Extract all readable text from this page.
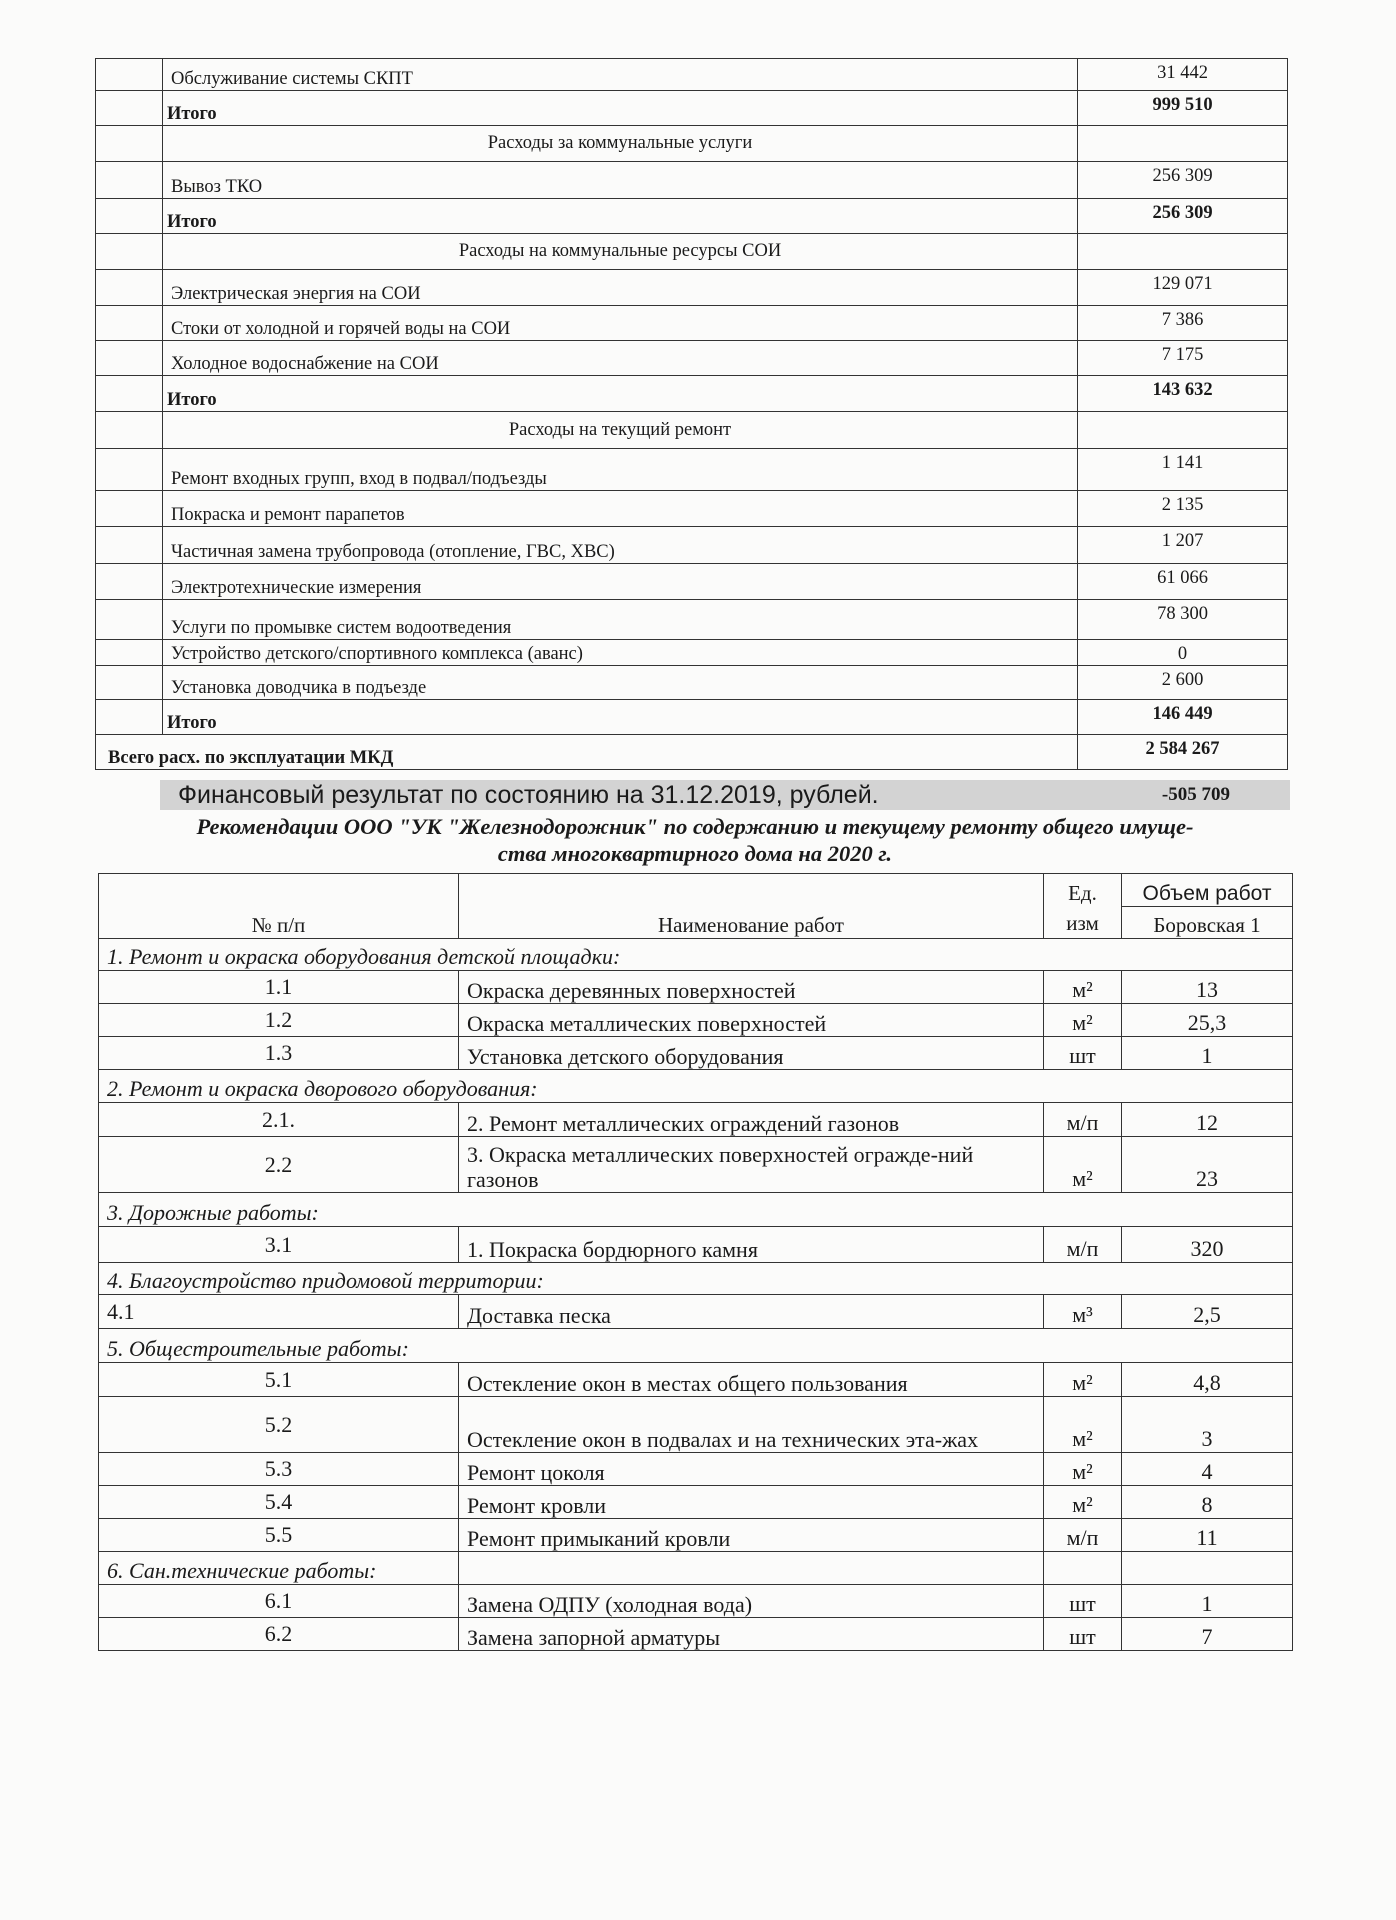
	Обслуживание системы СКПТ	31 442
	Итого	999 510
	Расходы за коммунальные услуги	
	Вывоз ТКО	256 309
	Итого	256 309
	Расходы на коммунальные ресурсы СОИ	
	Электрическая энергия на СОИ	129 071
	Стоки от холодной и горячей воды на СОИ	7 386
	Холодное водоснабжение на СОИ	7 175
	Итого	143 632
	Расходы на текущий ремонт	
	Ремонт входных групп, вход в подвал/подъезды	1 141
	Покраска и ремонт парапетов	2 135
	Частичная замена трубопровода (отопление, ГВС, ХВС)	1 207
	Электротехнические измерения	61 066
	Услуги по промывке систем водоотведения	78 300
	Устройство детского/спортивного комплекса (аванс)	0
	Установка доводчика в подъезде	2 600
	Итого	146 449
Всего расх. по эксплуатации МКД		2 584 267
Финансовый результат по состоянию на 31.12.2019, рублей.	-505 709
Рекомендации ООО "УК "Железнодорожник" по содержанию и текущему ремонту общего имуще-
ства многоквартирного дома на 2020 г.
№ п/п	Наименование работ	Ед. изм	Объем работ
			Боровская 1
1. Ремонт и окраска оборудования детской площадки:			
1.1	Окраска деревянных поверхностей	м²	13
1.2	Окраска металлических поверхностей	м²	25,3
1.3	Установка детского оборудования	шт	1
2. Ремонт и окраска дворового оборудования:			
2.1.	2. Ремонт металлических ограждений газонов	м/п	12
2.2	3. Окраска металлических поверхностей огражде-ний газонов	м²	23
3. Дорожные работы:			
3.1	1. Покраска бордюрного камня	м/п	320
4. Благоустройство придомовой территории:			
4.1	Доставка песка	м³	2,5
5. Общестроительные работы:			
5.1	Остекление окон в местах общего пользования	м²	4,8
5.2	Остекление окон в подвалах и на технических эта-жах	м²	3
5.3	Ремонт цоколя	м²	4
5.4	Ремонт кровли	м²	8
5.5	Ремонт примыканий кровли	м/п	11
6. Сан.технические работы:			
6.1	Замена ОДПУ (холодная вода)	шт	1
6.2	Замена запорной арматуры	шт	7
